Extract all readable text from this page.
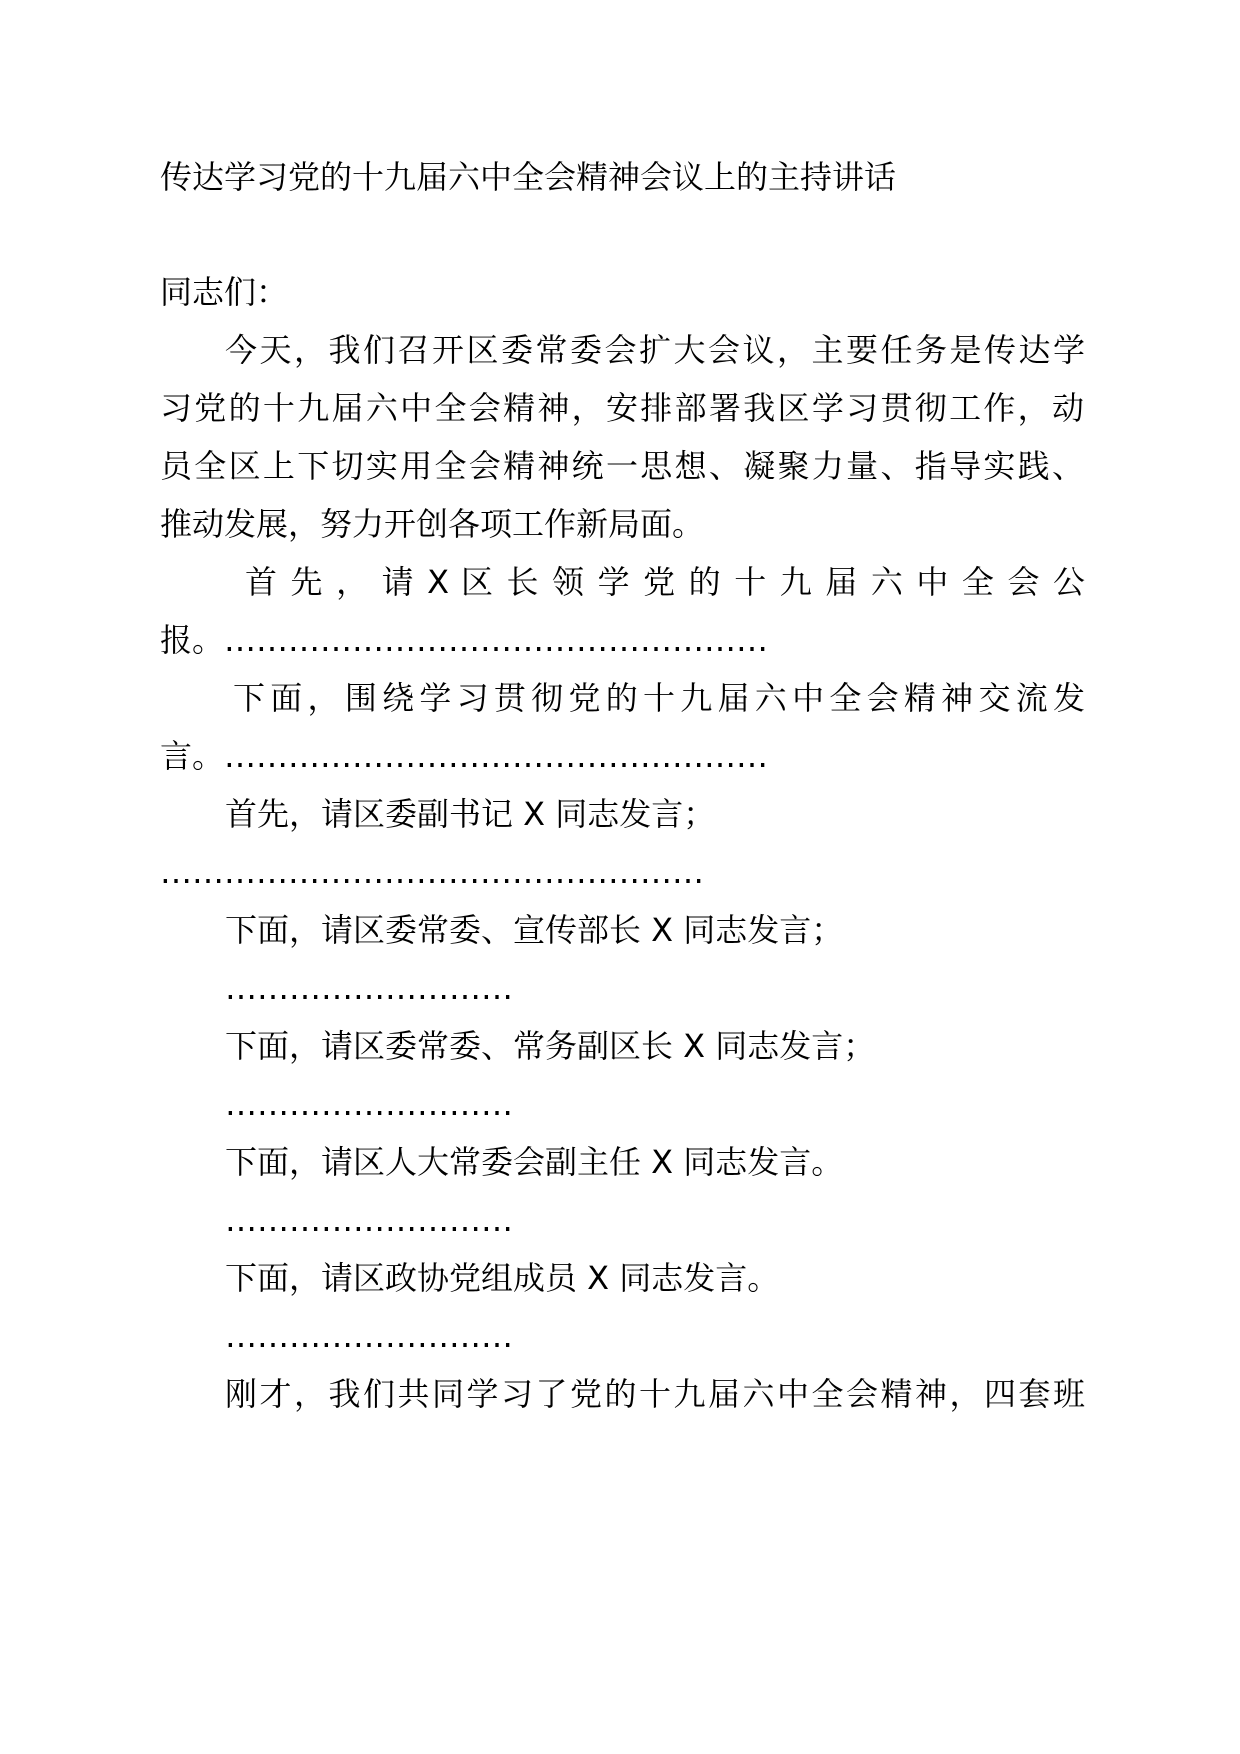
传达学习党的十九届六中全会精神会议上的主持讲话
同志们：
今天，我们召开区委常委会扩大会议，主要任务是传达学
习党的十九届六中全会精神，安排部署我区学习贯彻工作，动
员全区上下切实用全会精神统一思想、凝聚力量、指导实践、
推动发展，努力开创各项工作新局面。
首 先 ， 请 X 区 长 领 学 党 的 十 九 届 六 中 全 会 公
报。……………………………………………
下面，围绕学习贯彻党的十九届六中全会精神交流发
言。……………………………………………
首先，请区委副书记 X 同志发言；
……………………………………………
下面，请区委常委、宣传部长 X 同志发言；
………………………
下面，请区委常委、常务副区长 X 同志发言；
………………………
下面，请区人大常委会副主任 X 同志发言。
………………………
下面，请区政协党组成员 X 同志发言。
………………………
刚才，我们共同学习了党的十九届六中全会精神，四套班
